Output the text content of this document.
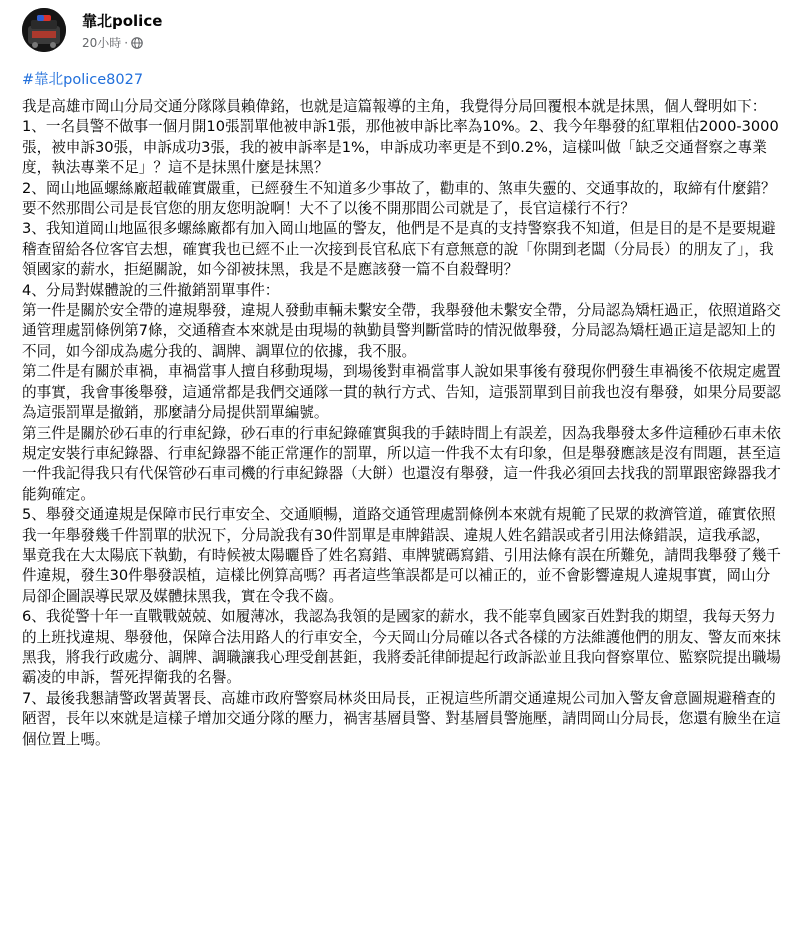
靠北police
20小時 ·
#靠北police8027

我是高雄市岡山分局交通分隊隊員賴偉銘，也就是這篇報導的主角，我覺得分局回覆根本就是抹黑，個人聲明如下：

1、一名員警不做事一個月開10張罰單他被申訴1張，那他被申訴比率為10%。2、我今年舉發的紅單粗估2000-3000張，被申訴30張，申訴成功3張，我的被申訴率是1%，申訴成功率更是不到0.2%，這樣叫做「缺乏交通督察之專業度，執法專業不足」？這不是抹黑什麼是抹黑？

2、岡山地區螺絲廠超載確實嚴重，已經發生不知道多少事故了，勸車的、煞車失靈的、交通事故的，取締有什麼錯？要不然那間公司是長官您的朋友您明說啊！大不了以後不開那間公司就是了，長官這樣行不行？

3、我知道岡山地區很多螺絲廠都有加入岡山地區的警友，他們是不是真的支持警察我不知道，但是目的是不是要規避稽查留給各位客官去想，確實我也已經不止一次接到長官私底下有意無意的說「你開到老闆（分局長）的朋友了」，我領國家的薪水，拒絕關說，如今卻被抹黑，我是不是應該發一篇不自殺聲明？

4、分局對媒體說的三件撤銷罰單事件：

第一件是關於安全帶的違規舉發，違規人發動車輛未繫安全帶，我舉發他未繫安全帶，分局認為矯枉過正，依照道路交通管理處罰條例第7條，交通稽查本來就是由現場的執勤員警判斷當時的情況做舉發，分局認為矯枉過正這是認知上的不同，如今卻成為處分我的、調牌、調單位的依據，我不服。

第二件是有關於車禍，車禍當事人擅自移動現場，到場後對車禍當事人說如果事後有發現你們發生車禍後不依規定處置的事實，我會事後舉發，這通常都是我們交通隊一貫的執行方式、告知，這張罰單到目前我也沒有舉發，如果分局要認為這張罰單是撤銷，那麼請分局提供罰單編號。

第三件是關於砂石車的行車紀錄，砂石車的行車紀錄確實與我的手錶時間上有誤差，因為我舉發太多件這種砂石車未依規定安裝行車紀錄器、行車紀錄器不能正常運作的罰單，所以這一件我不太有印象，但是舉發應該是沒有問題，甚至這一件我記得我只有代保管砂石車司機的行車紀錄器（大餅）也還沒有舉發，這一件我必須回去找我的罰單跟密錄器我才能夠確定。

5、舉發交通違規是保障市民行車安全、交通順暢，道路交通管理處罰條例本來就有規範了民眾的救濟管道，確實依照我一年舉發幾千件罰單的狀況下，分局說我有30件罰單是車牌錯誤、違規人姓名錯誤或者引用法條錯誤，這我承認，畢竟我在大太陽底下執勤，有時候被太陽曬昏了姓名寫錯、車牌號碼寫錯、引用法條有誤在所難免，請問我舉發了幾千件違規，發生30件舉發誤植，這樣比例算高嗎？再者這些筆誤都是可以補正的，並不會影響違規人違規事實，岡山分局卻企圖誤導民眾及媒體抹黑我，實在令我不齒。

6、我從警十年一直戰戰兢兢、如履薄冰，我認為我領的是國家的薪水，我不能辜負國家百姓對我的期望，我每天努力的上班找違規、舉發他，保障合法用路人的行車安全，今天岡山分局確以各式各樣的方法維護他們的朋友、警友而來抹黑我，將我行政處分、調牌、調職讓我心理受創甚鉅，我將委託律師提起行政訴訟並且我向督察單位、監察院提出職場霸凌的申訴，誓死捍衛我的名譽。

7、最後我懇請警政署黃署長、高雄市政府警察局林炎田局長，正視這些所謂交通違規公司加入警友會意圖規避稽查的陋習，長年以來就是這樣子增加交通分隊的壓力，禍害基層員警、對基層員警施壓，請問岡山分局長，您還有臉坐在這個位置上嗎。
